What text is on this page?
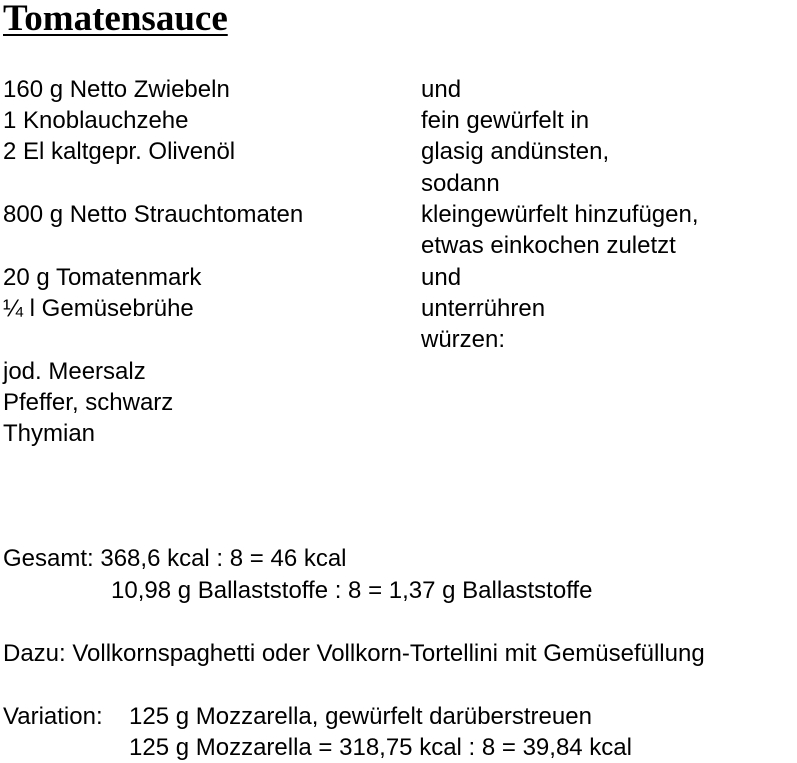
Tomatensauce
160 g Netto Zwiebeln
1 Knoblauchzehe
2 El kaltgepr. Olivenöl
800 g Netto Strauchtomaten
20 g Tomatenmark
¼ l Gemüsebrühe
und
fein gewürfelt in
glasig andünsten,
sodann
kleingewürfelt hinzufügen,
etwas einkochen zuletzt
und
unterrühren
würzen:
jod. Meersalz
Pfeffer, schwarz
Thymian
Gesamt: 368,6 kcal : 8 = 46 kcal
10,98 g Ballaststoffe : 8 = 1,37 g Ballaststoffe
Dazu: Vollkornspaghetti oder Vollkorn-Tortellini mit Gemüsefüllung
Variation: 125 g Mozzarella, gewürfelt darüberstreuen
125 g Mozzarella = 318,75 kcal : 8 = 39,84 kcal
